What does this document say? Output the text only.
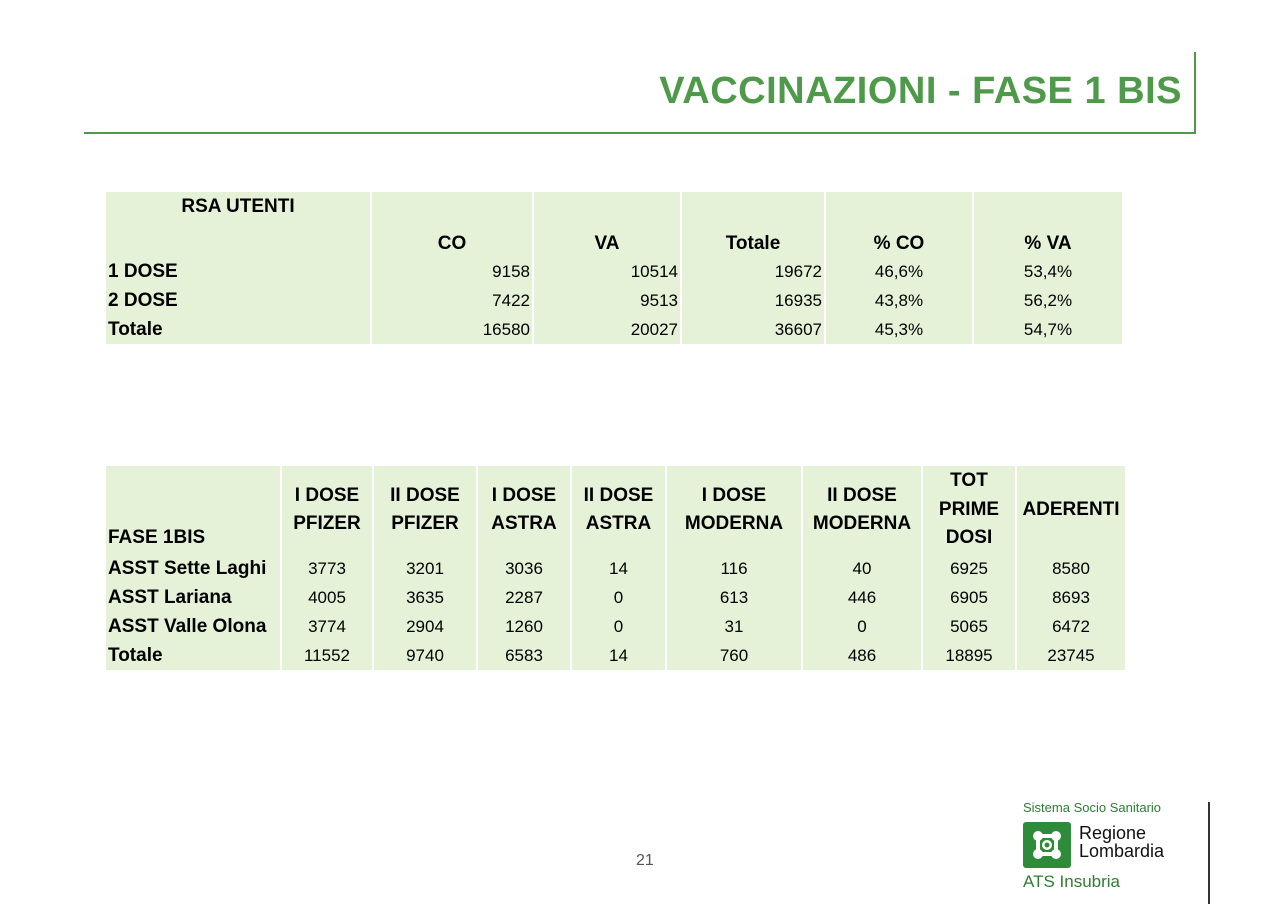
VACCINAZIONI - FASE 1 BIS
RSA UTENTI					
	CO	VA	Totale	% CO	% VA
1 DOSE	9158	10514	19672	46,6%	53,4%
2 DOSE	7422	9513	16935	43,8%	56,2%
Totale	16580	20027	36607	45,3%	54,7%
FASE 1BIS	I DOSE PFIZER	II DOSE PFIZER	I DOSE ASTRA	II DOSE ASTRA	I DOSE MODERNA	II DOSE MODERNA	TOT PRIME DOSI	ADERENTI
ASST Sette Laghi	3773	3201	3036	14	116	40	6925	8580
ASST Lariana	4005	3635	2287	0	613	446	6905	8693
ASST Valle Olona	3774	2904	1260	0	31	0	5065	6472
Totale	11552	9740	6583	14	760	486	18895	23745
21
Sistema Socio Sanitario
Regione
Lombardia
ATS Insubria
